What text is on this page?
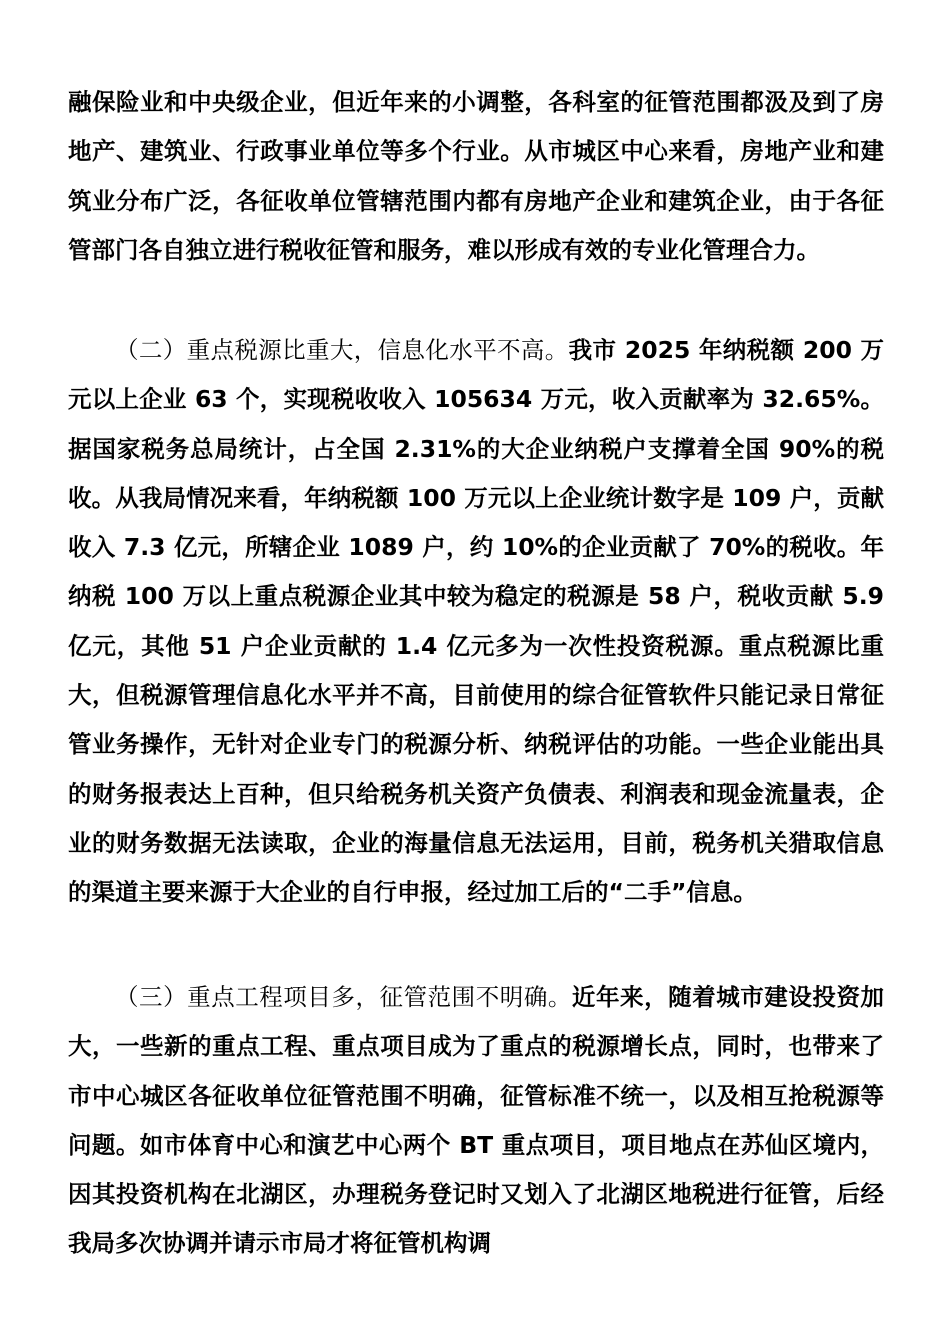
融保险业和中央级企业，但近年来的小调整，各科室的征管范围都汲及到了房地产、建筑业、行政事业单位等多个行业。从市城区中心来看，房地产业和建筑业分布广泛，各征收单位管辖范围内都有房地产企业和建筑企业，由于各征管部门各自独立进行税收征管和服务，难以形成有效的专业化管理合力。

（二）重点税源比重大，信息化水平不高。我市 2025 年纳税额 200 万元以上企业 63 个，实现税收收入 105634 万元，收入贡献率为 32.65%。据国家税务总局统计，占全国 2.31%的大企业纳税户支撑着全国 90%的税收。从我局情况来看，年纳税额 100 万元以上企业统计数字是 109 户，贡献收入 7.3 亿元，所辖企业 1089 户，约 10%的企业贡献了 70%的税收。年纳税 100 万以上重点税源企业其中较为稳定的税源是 58 户，税收贡献 5.9 亿元，其他 51 户企业贡献的 1.4 亿元多为一次性投资税源。重点税源比重大，但税源管理信息化水平并不高，目前使用的综合征管软件只能记录日常征管业务操作，无针对企业专门的税源分析、纳税评估的功能。一些企业能出具的财务报表达上百种，但只给税务机关资产负债表、利润表和现金流量表，企业的财务数据无法读取，企业的海量信息无法运用，目前，税务机关猎取信息的渠道主要来源于大企业的自行申报，经过加工后的“二手”信息。

（三）重点工程项目多，征管范围不明确。近年来，随着城市建设投资加大，一些新的重点工程、重点项目成为了重点的税源增长点，同时，也带来了市中心城区各征收单位征管范围不明确，征管标准不统一，以及相互抢税源等问题。如市体育中心和演艺中心两个 BT 重点项目，项目地点在苏仙区境内，因其投资机构在北湖区，办理税务登记时又划入了北湖区地税进行征管，后经我局多次协调并请示市局才将征管机构调
